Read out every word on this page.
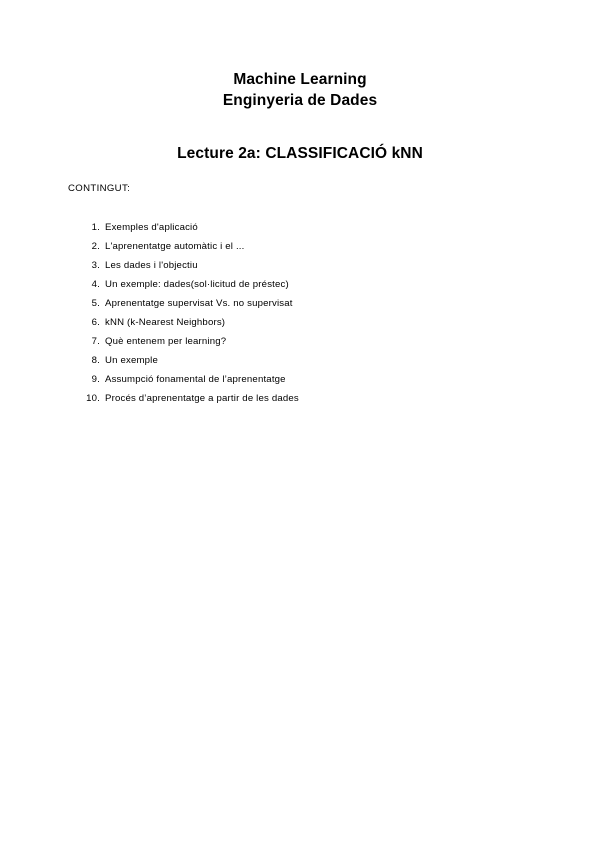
Machine Learning
Enginyeria de Dades
Lecture 2a: CLASSIFICACIÓ kNN
CONTINGUT:
1. Exemples d'aplicació
2. L'aprenentatge automàtic i el ...
3. Les dades i l'objectiu
4. Un exemple: dades(sol·licitud de préstec)
5. Aprenentatge supervisat Vs. no supervisat
6. kNN (k-Nearest Neighbors)
7. Què entenem per learning?
8. Un exemple
9. Assumpció fonamental de l’aprenentatge
10. Procés d’aprenentatge a partir de les dades
